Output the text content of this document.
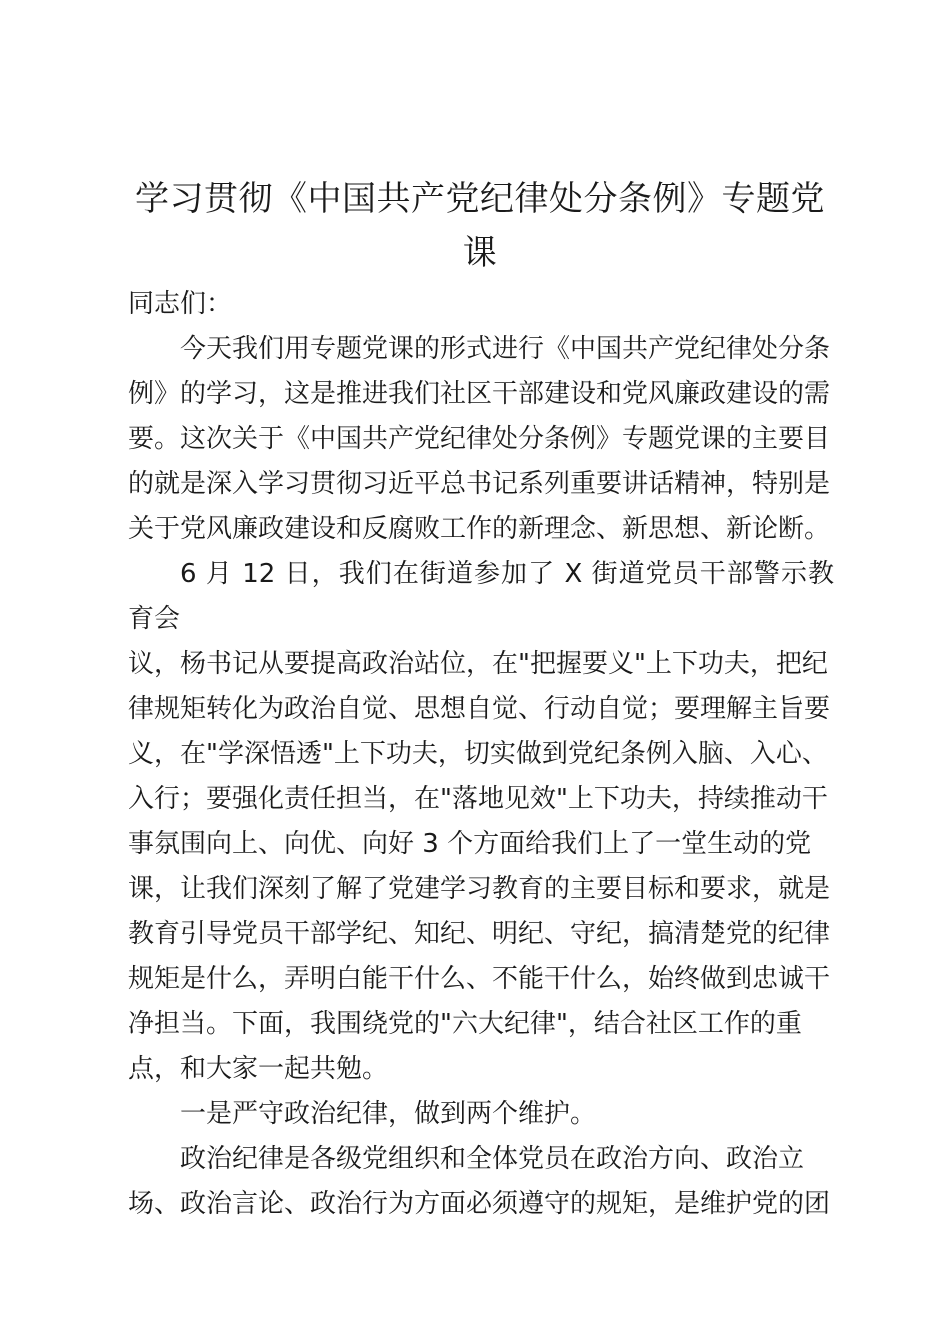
学习贯彻《中国共产党纪律处分条例》专题党
课

同志们：

今天我们用专题党课的形式进行《中国共产党纪律处分条
例》的学习，这是推进我们社区干部建设和党风廉政建设的需
要。这次关于《中国共产党纪律处分条例》专题党课的主要目
的就是深入学习贯彻习近平总书记系列重要讲话精神，特别是
关于党风廉政建设和反腐败工作的新理念、新思想、新论断。

6 月 12 日，我们在街道参加了 X 街道党员干部警示教育会
议，杨书记从要提高政治站位，在"把握要义"上下功夫，把纪
律规矩转化为政治自觉、思想自觉、行动自觉；要理解主旨要
义，在"学深悟透"上下功夫，切实做到党纪条例入脑、入心、
入行；要强化责任担当，在"落地见效"上下功夫，持续推动干
事氛围向上、向优、向好 3 个方面给我们上了一堂生动的党
课，让我们深刻了解了党建学习教育的主要目标和要求，就是
教育引导党员干部学纪、知纪、明纪、守纪，搞清楚党的纪律
规矩是什么，弄明白能干什么、不能干什么，始终做到忠诚干
净担当。下面，我围绕党的"六大纪律"，结合社区工作的重
点，和大家一起共勉。

一是严守政治纪律，做到两个维护。

政治纪律是各级党组织和全体党员在政治方向、政治立
场、政治言论、政治行为方面必须遵守的规矩，是维护党的团
